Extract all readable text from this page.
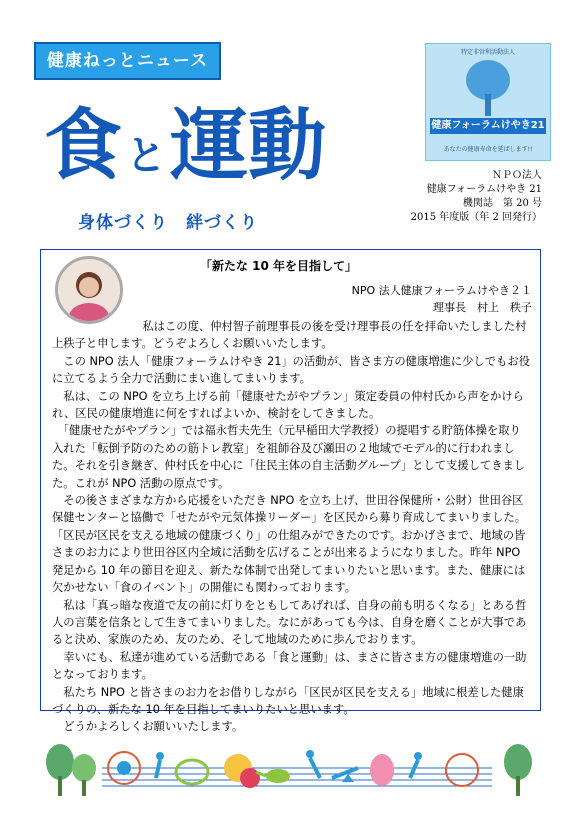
健康ねっとニュース
食 と運動
身体づくり　絆づくり
特定非営利活動法人
健康フォーラムけやき21
あなたの健康寿命を延ばします!!
ＮＰＯ法人
健康フォーラムけやき 21
機関誌　第 20 号
2015 年度版（年 2 回発行）
「新たな 10 年を目指して」
NPO 法人健康フォーラムけやき２１
理事長　村上　秩子

　　　　　　　　私はこの度、仲村智子前理事長の後を受け理事長の任を拝命いたしました村上秩子と申します。どうぞよろしくお願いいたします。

　この NPO 法人「健康フォーラムけやき 21」の活動が、皆さま方の健康増進に少しでもお役に立てるよう全力で活動にまい進してまいります。

　私は、この NPO を立ち上げる前「健康せたがやプラン」策定委員の仲村氏から声をかけられ、区民の健康増進に何をすればよいか、検討をしてきました。

　「健康せたがやプラン」では福永哲夫先生（元早稲田大学教授）の提唱する貯筋体操を取り入れた「転倒予防のための筋トレ教室」を祖師谷及び瀬田の２地域でモデル的に行われました。それを引き継ぎ、仲村氏を中心に「住民主体の自主活動グループ」として支援してきました。これが NPO 活動の原点です。

　その後さまざまな方から応援をいただき NPO を立ち上げ、世田谷保健所・公財）世田谷区保健センターと協働で「せたがや元気体操リーダー」を区民から募り育成してまいりました。「区民が区民を支える地域の健康づくり」の仕組みができたのです。おかげさまで、地域の皆さまのお力により世田谷区内全域に活動を広げることが出来るようになりました。昨年 NPO 発足から 10 年の節目を迎え、新たな体制で出発してまいりたいと思います。また、健康には欠かせない「食のイベント」の開催にも関わっております。

　私は「真っ暗な夜道で友の前に灯りをともしてあげれば、自身の前も明るくなる」とある哲人の言葉を信条として生きてまいりました。なにがあっても今は、自身を磨くことが大事であると決め、家族のため、友のため、そして地域のために歩んでおります。

　幸いにも、私達が進めている活動である「食と運動」は、まさに皆さま方の健康増進の一助となっております。

　私たち NPO と皆さまのお力をお借りしながら「区民が区民を支える」地域に根差した健康づくりの、新たな 10 年を目指してまいりたいと思います。

　どうかよろしくお願いいたします。
